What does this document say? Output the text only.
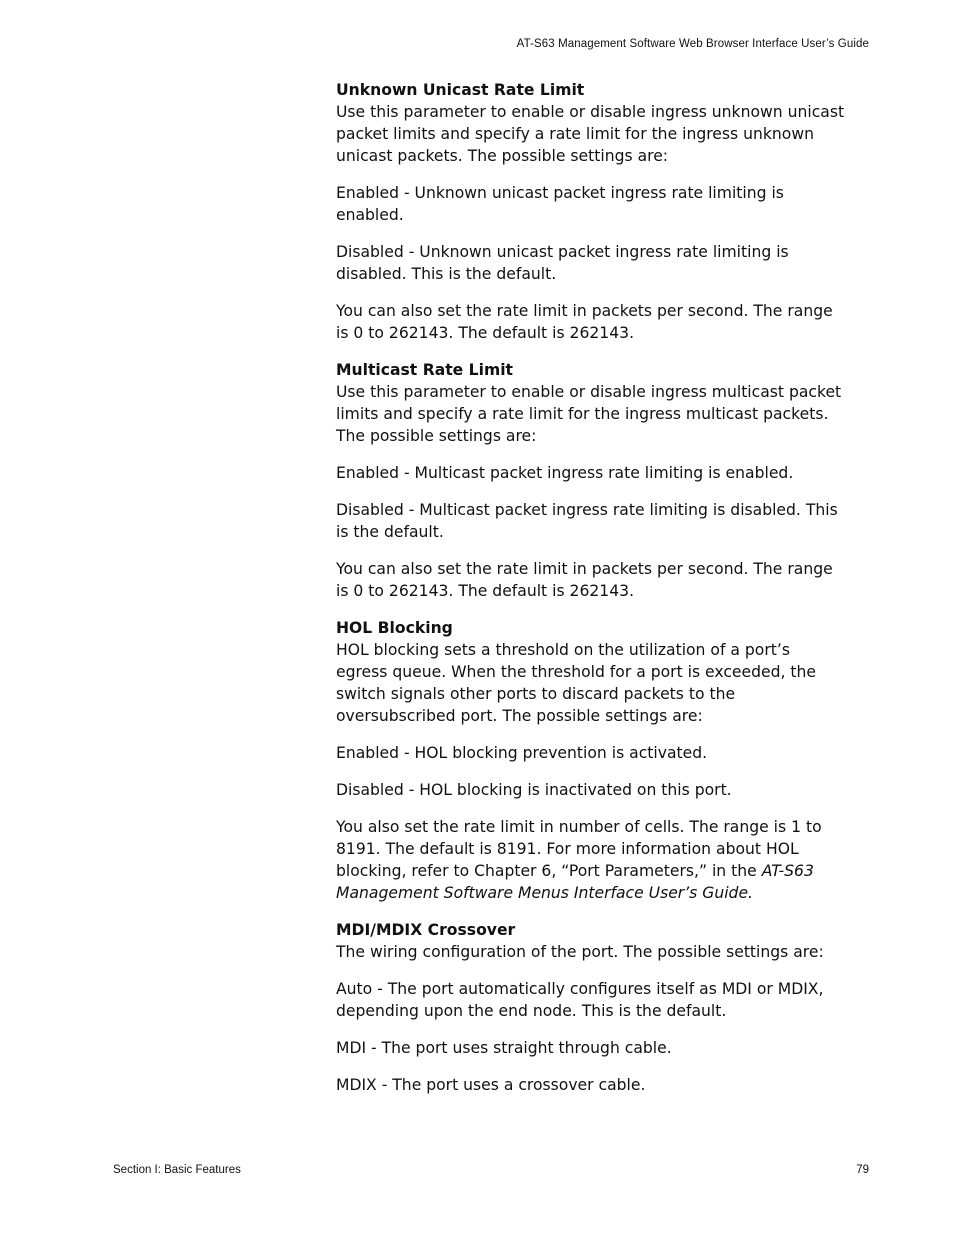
AT-S63 Management Software Web Browser Interface User’s Guide

Unknown Unicast Rate Limit

Use this parameter to enable or disable ingress unknown unicast packet limits and specify a rate limit for the ingress unknown unicast packets. The possible settings are:

Enabled - Unknown unicast packet ingress rate limiting is enabled.

Disabled - Unknown unicast packet ingress rate limiting is disabled. This is the default.

You can also set the rate limit in packets per second. The range is 0 to 262143. The default is 262143.

Multicast Rate Limit

Use this parameter to enable or disable ingress multicast packet limits and specify a rate limit for the ingress multicast packets. The possible settings are:

Enabled - Multicast packet ingress rate limiting is enabled.

Disabled - Multicast packet ingress rate limiting is disabled. This is the default.

You can also set the rate limit in packets per second. The range is 0 to 262143. The default is 262143.

HOL Blocking

HOL blocking sets a threshold on the utilization of a port’s egress queue. When the threshold for a port is exceeded, the switch signals other ports to discard packets to the oversubscribed port. The possible settings are:

Enabled - HOL blocking prevention is activated.

Disabled - HOL blocking is inactivated on this port.

You also set the rate limit in number of cells. The range is 1 to 8191. The default is 8191. For more information about HOL blocking, refer to Chapter 6, “Port Parameters,” in the AT-S63 Management Software Menus Interface User’s Guide.

MDI/MDIX Crossover

The wiring configuration of the port. The possible settings are:

Auto - The port automatically configures itself as MDI or MDIX, depending upon the end node. This is the default.

MDI - The port uses straight through cable.

MDIX - The port uses a crossover cable.

Section I: Basic Features	79
